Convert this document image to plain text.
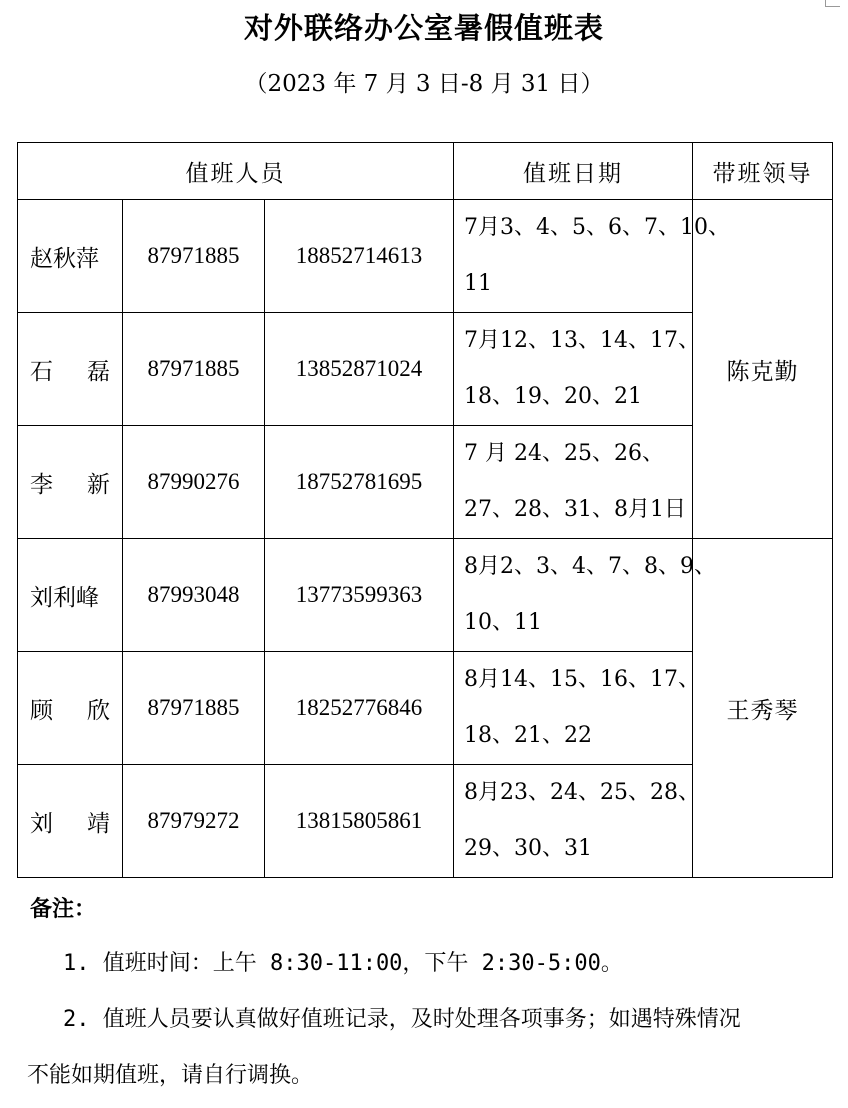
对外联络办公室暑假值班表
（2023 年 7 月 3 日-8 月 31 日）
值班人员			值班日期	带班领导

赵秋萍	87971885	18852714613	7月3、4、5、6、7、10、
11	陈克勤

石 磊	87971885	13852871024	7月12、13、14、17、
18、19、20、21	

李 新	87990276	18752781695	7 月 24、25、26、
27、28、31、8月1日	

刘利峰	87993048	13773599363	8月2、3、4、7、8、9、
10、11	王秀琴

顾 欣	87971885	18252776846	8月14、15、16、17、
18、21、22	

刘 靖	87979272	13815805861	8月23、24、25、28、
29、30、31	
备注：
1. 值班时间：上午 8:30-11:00，下午 2:30-5:00。
2. 值班人员要认真做好值班记录，及时处理各项事务；如遇特殊情况
不能如期值班，请自行调换。
